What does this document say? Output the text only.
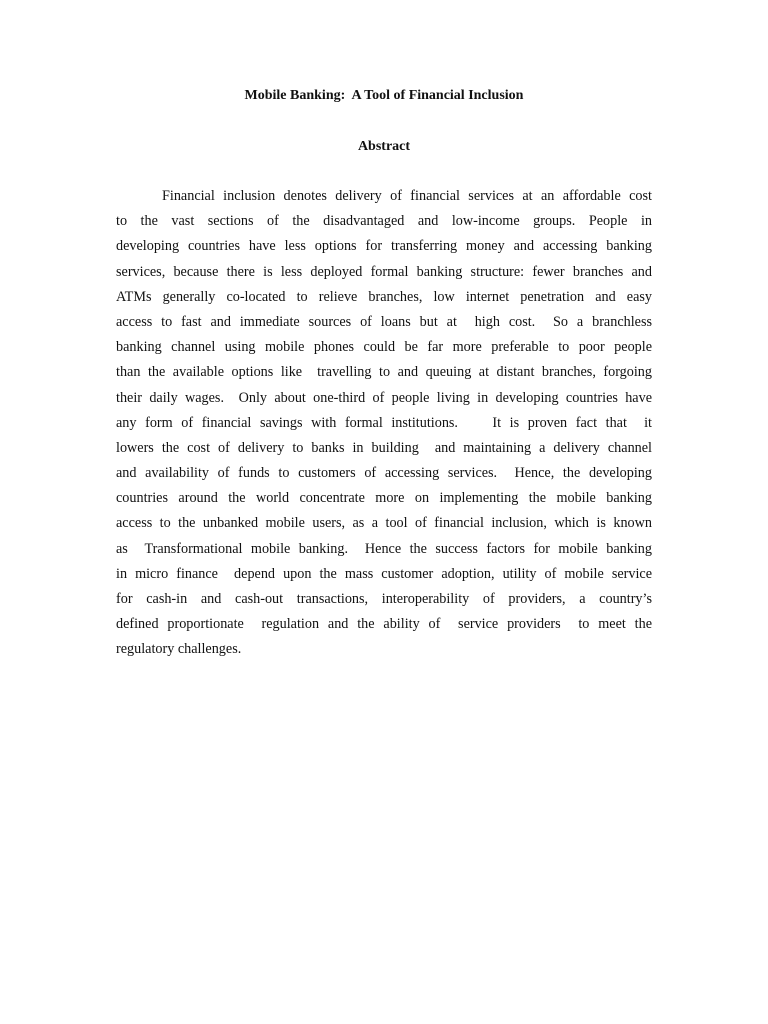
Mobile Banking:  A Tool of Financial Inclusion
Abstract
Financial inclusion denotes delivery of financial services at an affordable cost
to the vast sections of the disadvantaged and low-income groups. People in
developing countries have less options for transferring money and accessing banking
services, because there is less deployed formal banking structure: fewer branches and
ATMs generally co-located to relieve branches, low internet penetration and easy
access to fast and immediate sources of loans but at  high cost.  So a branchless
banking channel using mobile phones could be far more preferable to poor people
than the available options like  travelling to and queuing at distant branches, forgoing
their daily wages.  Only about one-third of people living in developing countries have
any form of financial savings with formal institutions.    It is proven fact that  it
lowers the cost of delivery to banks in building  and maintaining a delivery channel
and availability of funds to customers of accessing services.  Hence, the developing
countries around the world concentrate more on implementing the mobile banking
access to the unbanked mobile users, as a tool of financial inclusion, which is known
as  Transformational mobile banking.  Hence the success factors for mobile banking
in micro finance  depend upon the mass customer adoption, utility of mobile service
for cash-in and cash-out transactions, interoperability of providers, a country’s
defined proportionate  regulation and the ability of  service providers  to meet the
regulatory challenges.
